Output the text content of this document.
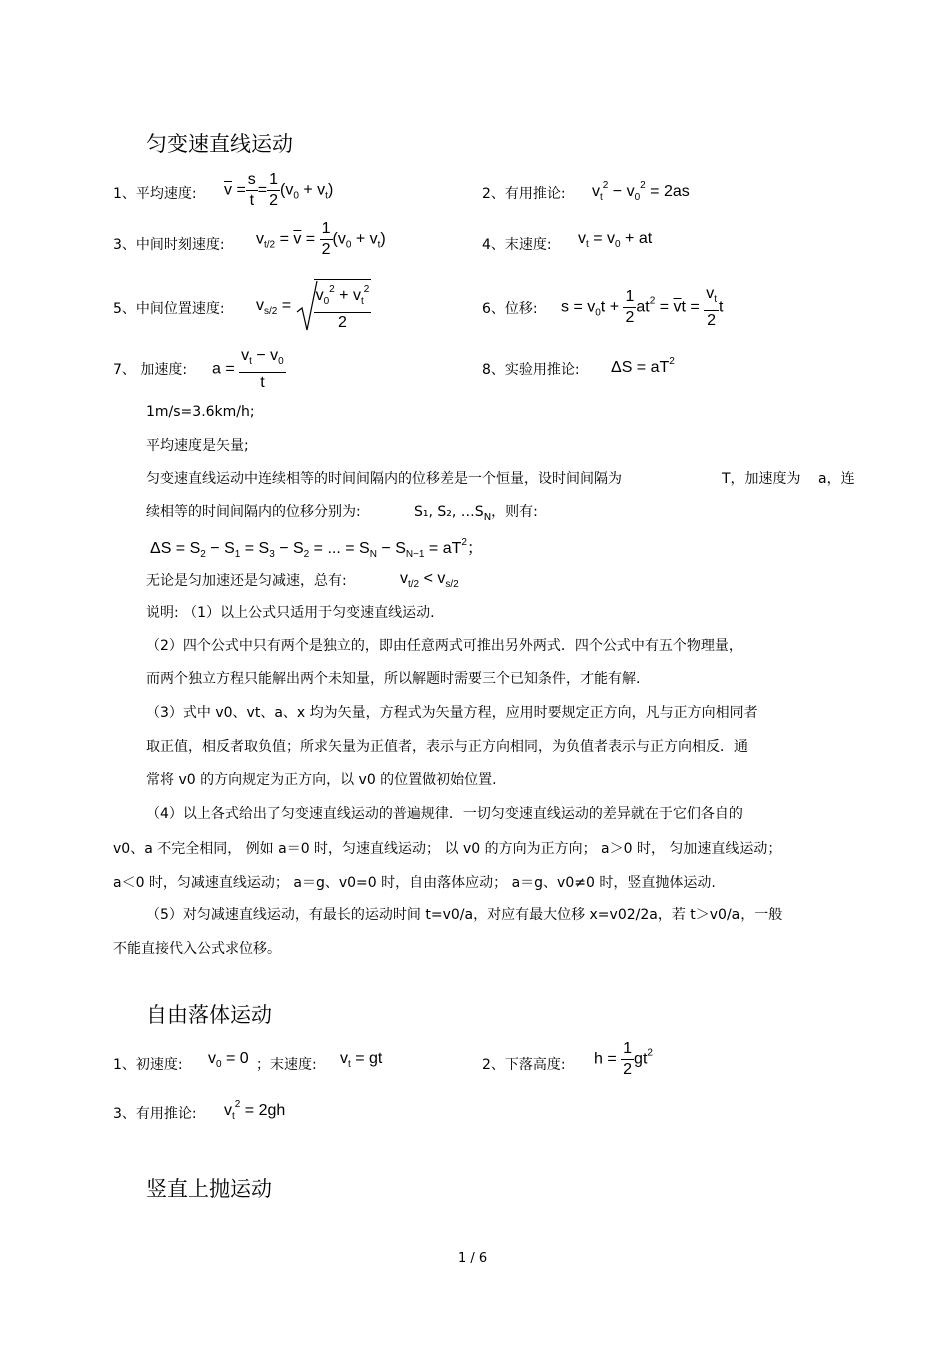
匀变速直线运动
1、平均速度: $\overline{v} = \frac{s}{t} = \frac{1}{2} (v_0 + v_t)$	2、有用推论: $v_t^2 - v_0^2 = 2as$
3、中间时刻速度: $v_{t/2} = \overline{v} = \frac{1}{2} (v_0 + v_t)$	4、末速度: $v_t = v_0$ + at
5、中间位置速度: $v_{s/2} = \frac{v_0^2 + v_t^2}{2}$	6、位移: $s = v_0t + \frac{1}{2} at^2 = \overline{v}t = \frac{v_t}{2}$ t
7、 加速度: $a = \frac{v_t - v_0}{t}$	8、实验用推论: $\Delta S = aT^2$
1m/s=3.6km/h;
平均速度是矢量;
匀变速直线运动中连续相等的时间间隔内的位移差是一个恒量，设时间间隔为	T，加速度为 a，连
续相等的时间间隔内的位移分别为:	S₁, S₂, $\dots S_N$，则有:
$\Delta S = S_2 - S_1 = S_3 - S_2$ = ... = $S_N - S_{N-1} = aT^2$；
无论是匀加速还是匀减速，总有:	$v_{t/2} < v_{s/2}$
说明: （1）以上公式只适用于匀变速直线运动.
（2）四个公式中只有两个是独立的，即由任意两式可推出另外两式．四个公式中有五个物理量，
而两个独立方程只能解出两个未知量，所以解题时需要三个已知条件，才能有解.
（3）式中 v0、vt、a、x 均为矢量，方程式为矢量方程，应用时要规定正方向，凡与正方向相同者
取正值，相反者取负值；所求矢量为正值者，表示与正方向相同，为负值者表示与正方向相反．通
常将 v0 的方向规定为正方向，以 v0 的位置做初始位置.
（4）以上各式给出了匀变速直线运动的普遍规律．一切匀变速直线运动的差异就在于它们各自的
v0、a 不完全相同， 例如 a＝0 时，匀速直线运动； 以 v0 的方向为正方向； a＞0 时， 匀加速直线运动；
a＜0 时，匀减速直线运动； a＝g、v0=0 时，自由落体应动； a＝g、v0≠0 时，竖直抛体运动.
（5）对匀减速直线运动，有最长的运动时间 t=v0/a，对应有最大位移 x=v02/2a，若 t＞v0/a，一般
不能直接代入公式求位移。
自由落体运动
1、初速度: $v_0 = 0$ ；末速度: $v_t$ = gt	2、下落高度: $h = \frac{1}{2} gt^2$
3、有用推论: $v_t^2 = 2gh$
竖直上抛运动
1 / 6
